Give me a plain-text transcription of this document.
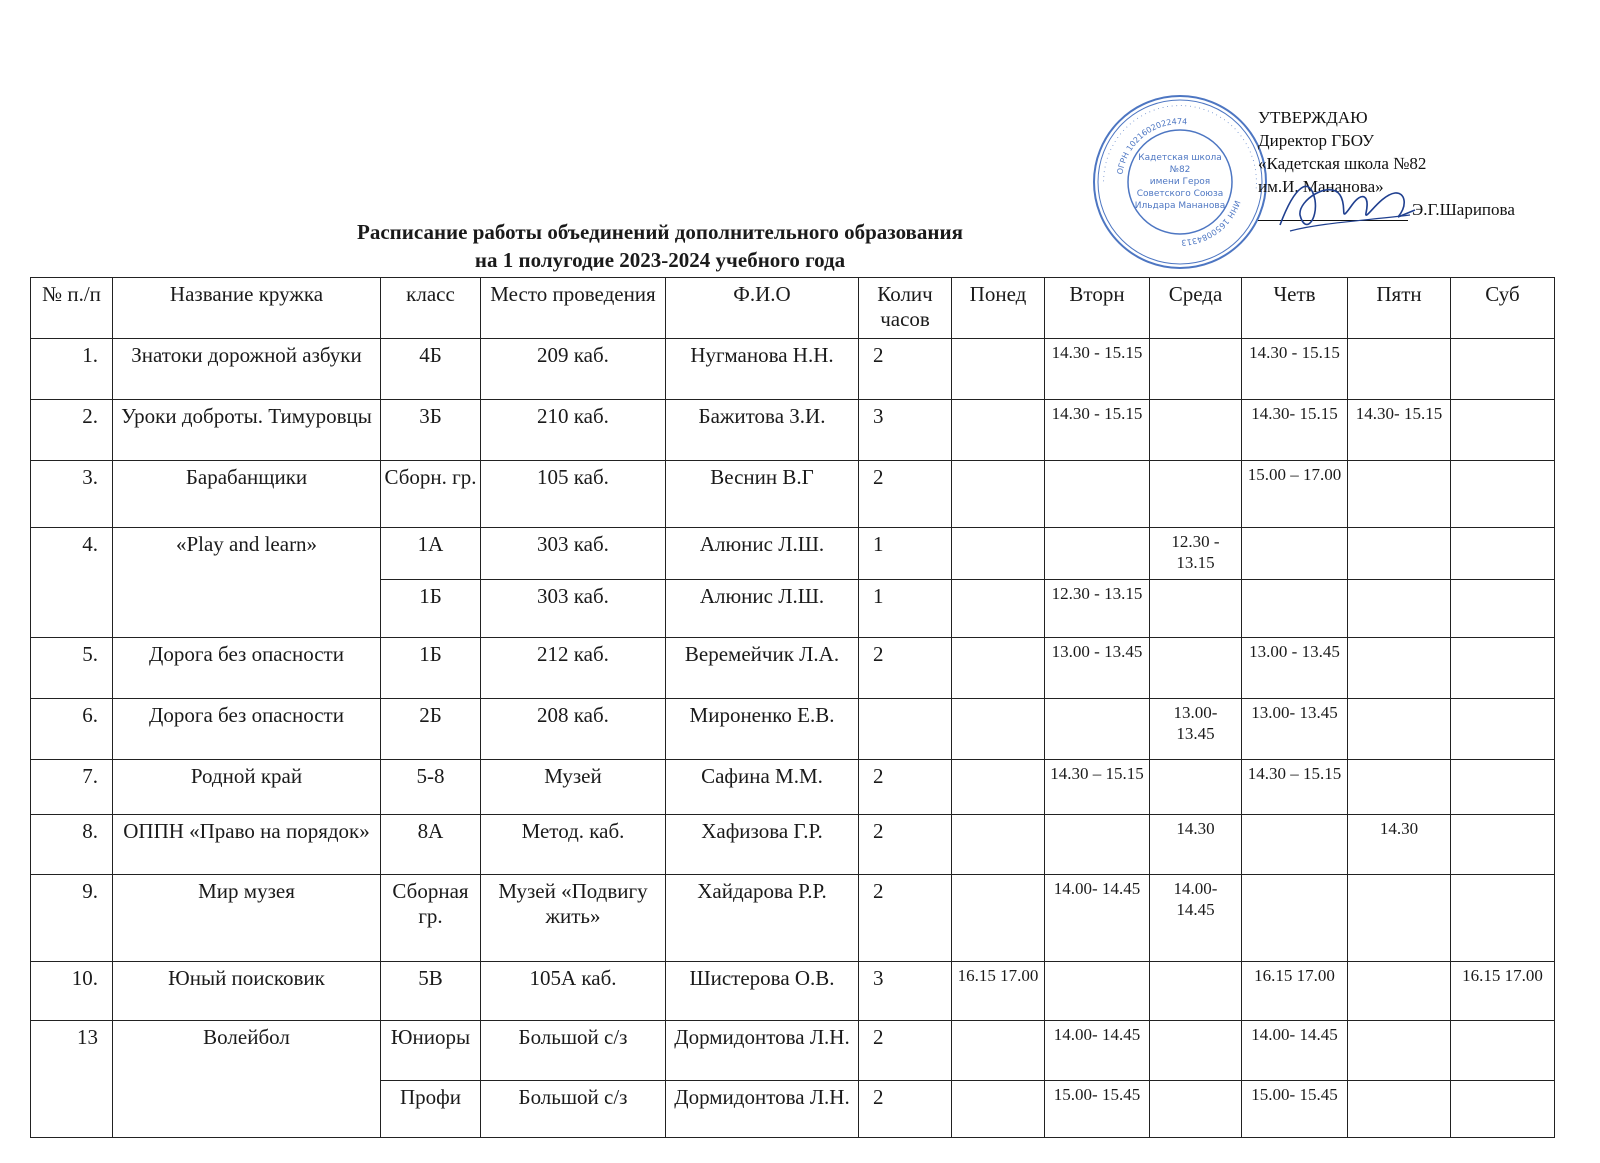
· · · · · · · · · · · · · · · · · · · · · · · · · · · · · · · · · · · · · · · · · · · · · · · · · · · · · ·
ОГРН 1021602022474
ИНН 1650084313
Кадетская школа
№82
имени Героя
Советского Союза
Ильдара Мананова
УТВЕРЖДАЮ
Директор ГБОУ
«Кадетская школа №82
им.И. Мананова»
Э.Г.Шарипова
Расписание работы объединений дополнительного образования
на 1 полугодие 2023-2024 учебного года
№ п./п	Название кружка	класс	Место проведения	Ф.И.О	Колич часов	Понед	Вторн	Среда	Четв	Пятн	Суб
1.	Знатоки дорожной азбуки	4Б	209 каб.	Нугманова Н.Н.	2		14.30 - 15.15		14.30 - 15.15		
2.	Уроки доброты. Тимуровцы	3Б	210 каб.	Бажитова З.И.	3		14.30 - 15.15		14.30- 15.15	14.30- 15.15	
3.	Барабанщики	Сборн. гр.	105 каб.	Веснин В.Г	2				15.00 – 17.00		
4.	«Play and learn»	1А	303 каб.	Алюнис Л.Ш.	1			12.30 - 13.15			
		1Б	303 каб.	Алюнис Л.Ш.	1		12.30 - 13.15				
5.	Дорога без опасности	1Б	212 каб.	Веремейчик Л.А.	2		13.00 - 13.45		13.00 - 13.45		
6.	Дорога без опасности	2Б	208 каб.	Мироненко Е.В.				13.00- 13.45	13.00- 13.45		
7.	Родной край	5-8	Музей	Сафина М.М.	2		14.30 – 15.15		14.30 – 15.15		
8.	ОППН «Право на порядок»	8А	Метод. каб.	Хафизова Г.Р.	2			14.30		14.30	
9.	Мир музея	Сборная гр.	Музей «Подвигу жить»	Хайдарова Р.Р.	2		14.00- 14.45	14.00- 14.45			
10.	Юный поисковик	5В	105А каб.	Шистерова О.В.	3	16.15 17.00			16.15 17.00		16.15 17.00
13	Волейбол	Юниоры	Большой с/з	Дормидонтова Л.Н.	2		14.00- 14.45		14.00- 14.45		
		Профи	Большой с/з	Дормидонтова Л.Н.	2		15.00- 15.45		15.00- 15.45		
